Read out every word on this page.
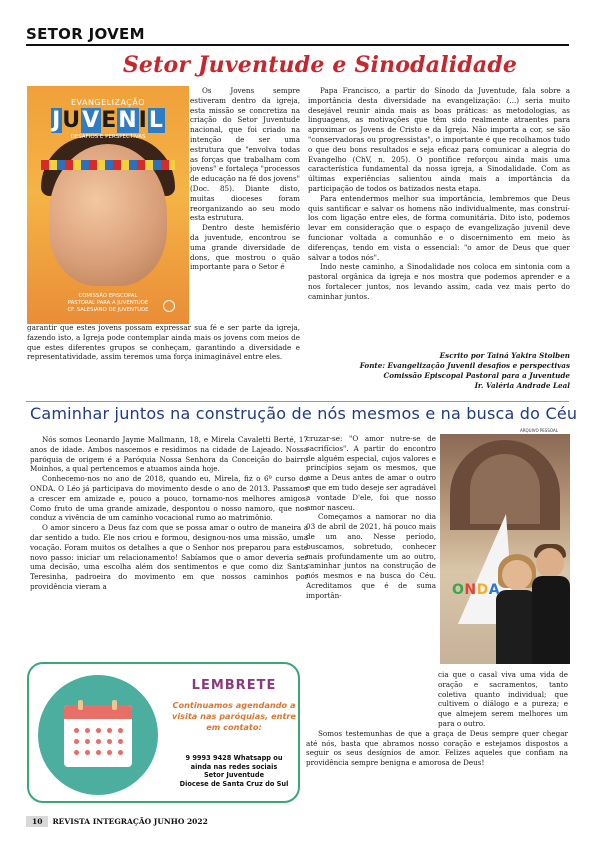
SETOR JOVEM
Setor Juventude e Sinodalidade
EVANGELIZAÇÃO
JUVENIL
DESAFIOS E PERSPECTIVAS
COMISSÃO EPISCOPAL
PASTORAL PARA A JUVENTUDE
CF. SALESIANO DE JUVENTUDE

Os Jovens sempre estiveram dentro da igreja, esta missão se concretiza na criação do Setor Juventude nacional, que foi criado na intenção de ser uma estrutura que "envolva todas as forças que trabalham com jovens" e fortaleça "processos de educação na fé dos jovens" (Doc. 85). Diante disto, muitas dioceses foram reorganizando ao seu modo esta estrutura.

Dentro deste hemisfério da juventude, encontrou se uma grande diversidade de dons, que mostrou o quão importante para o Setor é

garantir que estes jovens possam expressar sua fé e ser parte da igreja, fazendo isto, a Igreja pode contemplar ainda mais os jovens com meios de que estes diferentes grupos se conheçam, garantindo a diversidade e representatividade, assim teremos uma força inimaginável entre eles.

Papa Francisco, a partir do Sínodo da Juventude, fala sobre a importância desta diversidade na evangelização: (...) seria muito desejável reunir ainda mais as boas práticas: as metodologias, as linguagens, as motivações que têm sido realmente atraentes para aproximar os Jovens de Cristo e da Igreja. Não importa a cor, se são "conservadoras ou progressistas", o importante é que recolhamos tudo o que deu bons resultados e seja eficaz para comunicar a alegria do Evangelho (ChV, n. 205). O pontífice reforçou ainda mais uma característica fundamental da nossa igreja, a Sinodalidade. Com as últimas experiências salientou ainda mais a importância da participação de todos os batizados nesta etapa.

Para entendermos melhor sua importância, lembremos que Deus quis santificar e salvar os homens não individualmente, mas construí-los com ligação entre eles, de forma comunitária. Dito isto, podemos levar em consideração que o espaço de evangelização juvenil deve funcionar voltada a comunhão e o discernimento em meio às diferenças, tendo em vista o essencial: "o amor de Deus que quer salvar a todos nós".

Indo neste caminho, a Sinodalidade nos coloca em sintonia com a pastoral orgânica da igreja e nos mostra que podemos aprender e a nos fortalecer juntos, nos levando assim, cada vez mais perto do caminhar juntos.

Escrito por Tainá Yakira Stolben
Fonte: Evangelização Juvenil desafios e perspectivas
Comissão Episcopal Pastoral para a Juventude
Ir. Valéria Andrade Leal
Caminhar juntos na construção de nós mesmos e na busca do Céu

Nós somos Leonardo Jayme Mallmann, 18, e Mirela Cavaletti Berté, 17 anos de idade. Ambos nascemos e residimos na cidade de Lajeado. Nossa paróquia de origem é a Paróquia Nossa Senhora da Conceição do bairro Moinhos, a qual pertencemos e atuamos ainda hoje.

Conhecemo-nos no ano de 2018, quando eu, Mirela, fiz o 6º curso do ONDA. O Léo já participava do movimento desde o ano de 2013. Passamos a crescer em amizade e, pouco a pouco, tornamo-nos melhores amigos. Como fruto de uma grande amizade, despontou o nosso namoro, que nos conduz a vivência de um caminho vocacional rumo ao matrimônio.

O amor sincero a Deus faz com que se possa amar o outro de maneira a dar sentido a tudo. Ele nos criou e formou, designou-nos uma missão, uma vocação. Foram muitos os detalhes a que o Senhor nos preparou para este novo passo: iniciar um relacionamento! Sabíamos que o amor deveria ser uma decisão, uma escolha além dos sentimentos e que como diz Santa Teresinha, padroeira do movimento em que nossos caminhos por providência vieram a

cruzar-se: "O amor nutre-se de sacrifícios". A partir do encontro de alguém especial, cujos valores e princípios sejam os mesmos, que ame a Deus antes de amar o outro e que em tudo deseje ser agradável a vontade D'ele, foi que nosso amor nasceu.

Começamos a namorar no dia 03 de abril de 2021, há pouco mais de um ano. Nesse período, buscamos, sobretudo, conhecer mais profundamente um ao outro, caminhar juntos na construção de nós mesmos e na busca do Céu. Acreditamos que é de suma importân-

ARQUIVO PESSOAL
ONDA

cia que o casal viva uma vida de oração e sacramentos, tanto coletiva quanto individual; que cultivem o diálogo e a pureza; e que almejem serem melhores um para o outro.

Somos testemunhas de que a graça de Deus sempre quer chegar até nós, basta que abramos nosso coração e estejamos dispostos a seguir os seus desígnios de amor. Felizes aqueles que confiam na providência sempre benigna e amorosa de Deus!

LEMBRETE
Continuamos agendando a visita nas paróquias, entre em contato:
9 9993 9428 Whatsapp ou
ainda nas redes sociais
Setor Juventude
Diocese de Santa Cruz do Sul
10 REVISTA INTEGRAÇÃO JUNHO 2022
